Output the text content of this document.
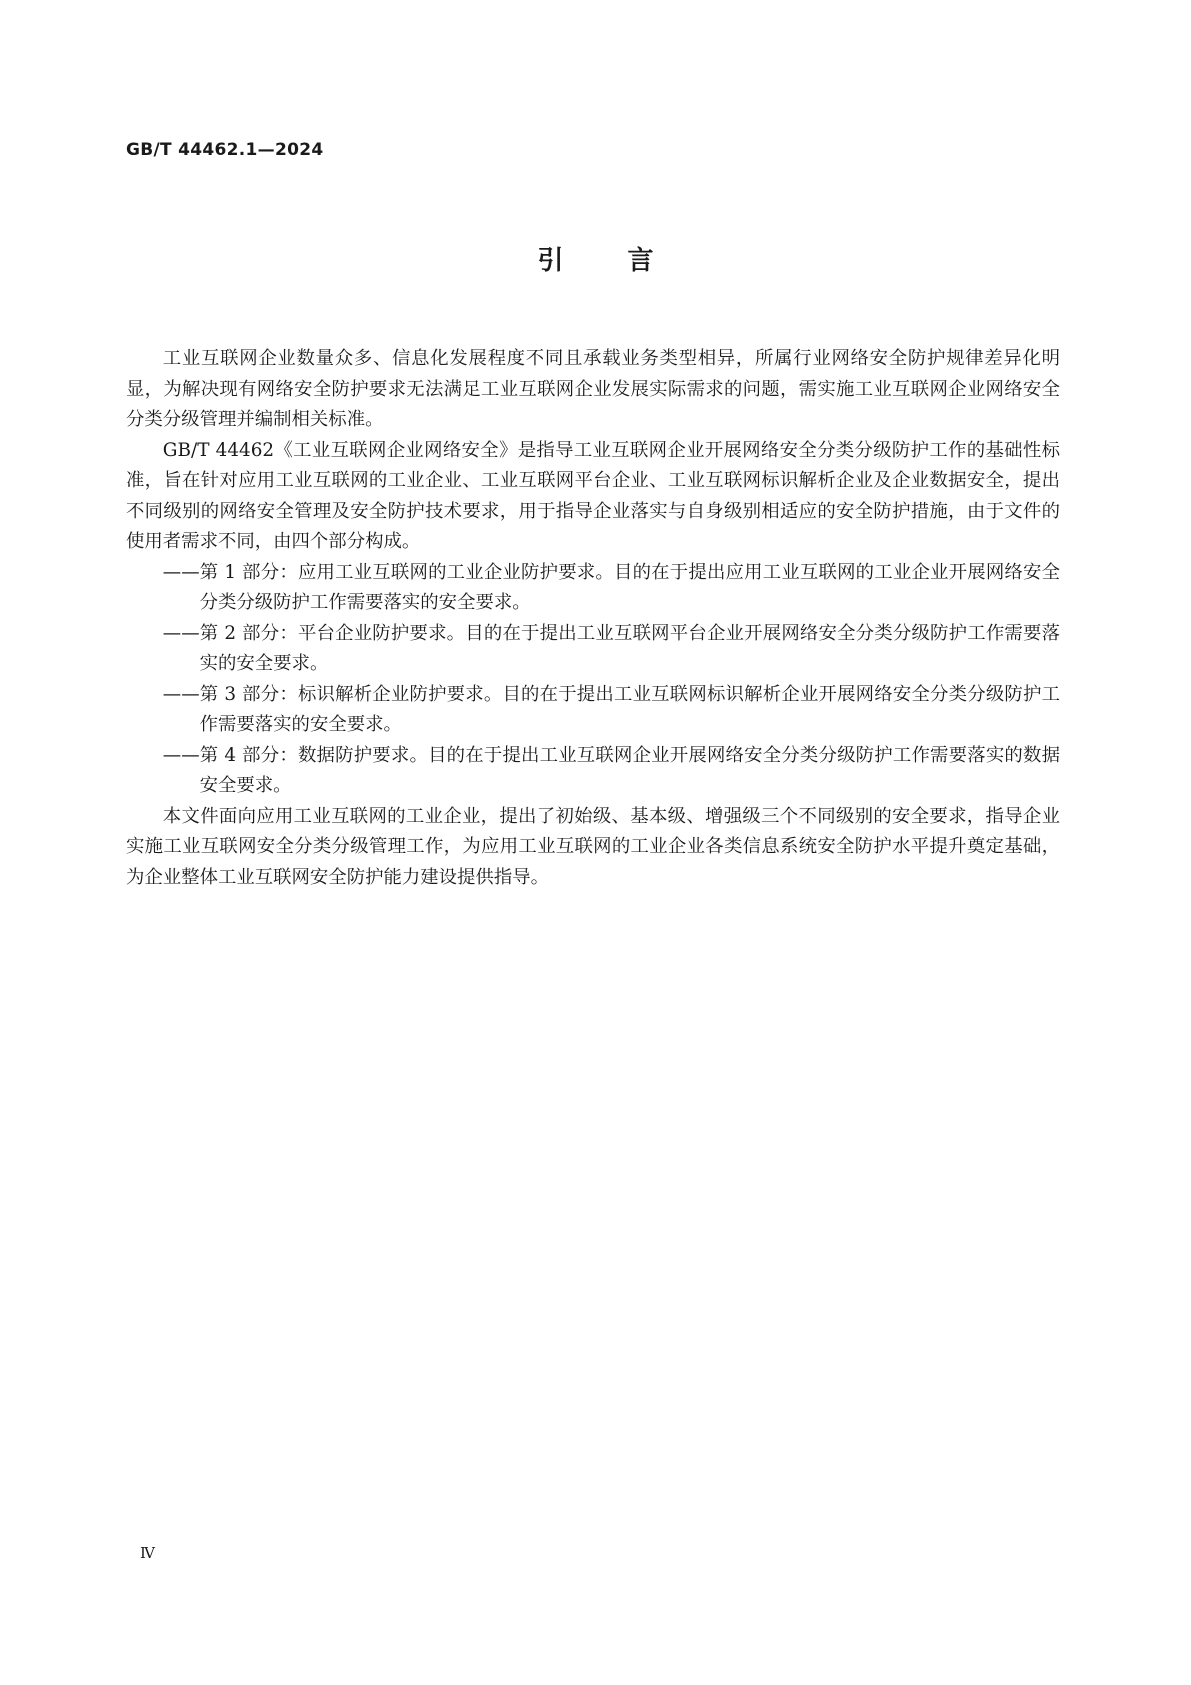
GB/T 44462.1—2024
引言

工业互联网企业数量众多、信息化发展程度不同且承载业务类型相异，所属行业网络安全防护规律差异化明显，为解决现有网络安全防护要求无法满足工业互联网企业发展实际需求的问题，需实施工业互联网企业网络安全分类分级管理并编制相关标准。

GB/T 44462《工业互联网企业网络安全》是指导工业互联网企业开展网络安全分类分级防护工作的基础性标准，旨在针对应用工业互联网的工业企业、工业互联网平台企业、工业互联网标识解析企业及企业数据安全，提出不同级别的网络安全管理及安全防护技术要求，用于指导企业落实与自身级别相适应的安全防护措施，由于文件的使用者需求不同，由四个部分构成。

——第 1 部分：应用工业互联网的工业企业防护要求。目的在于提出应用工业互联网的工业企业开展网络安全分类分级防护工作需要落实的安全要求。

——第 2 部分：平台企业防护要求。目的在于提出工业互联网平台企业开展网络安全分类分级防护工作需要落实的安全要求。

——第 3 部分：标识解析企业防护要求。目的在于提出工业互联网标识解析企业开展网络安全分类分级防护工作需要落实的安全要求。

——第 4 部分：数据防护要求。目的在于提出工业互联网企业开展网络安全分类分级防护工作需要落实的数据安全要求。

本文件面向应用工业互联网的工业企业，提出了初始级、基本级、增强级三个不同级别的安全要求，指导企业实施工业互联网安全分类分级管理工作，为应用工业互联网的工业企业各类信息系统安全防护水平提升奠定基础，为企业整体工业互联网安全防护能力建设提供指导。

Ⅳ
